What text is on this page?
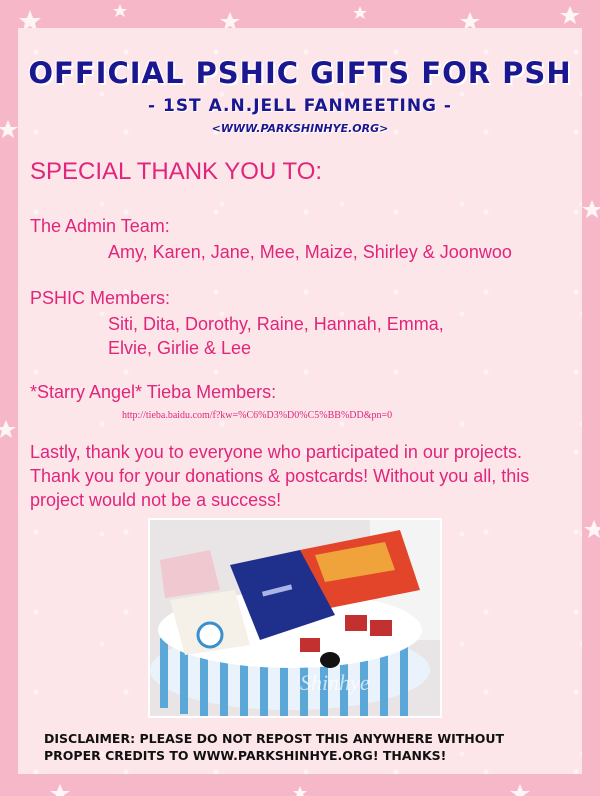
OFFICIAL PSHIC GIFTS FOR PSH
- 1ST A.N.JELL FANMEETING -
<WWW.PARKSHINHYE.ORG>
SPECIAL THANK YOU TO:
The Admin Team:
Amy, Karen, Jane, Mee, Maize, Shirley & Joonwoo
PSHIC Members:
Siti, Dita, Dorothy, Raine, Hannah, Emma,
Elvie, Girlie & Lee
*Starry Angel* Tieba Members:
http://tieba.baidu.com/f?kw=%C6%D3%D0%C5%BB%DD&pn=0
Lastly, thank you to everyone who participated in our projects. Thank you for your donations & postcards! Without you all, this project would not be a success!
Shinhye
DISCLAIMER: PLEASE DO NOT REPOST THIS ANYWHERE WITHOUT PROPER CREDITS TO WWW.PARKSHINHYE.ORG! THANKS!
